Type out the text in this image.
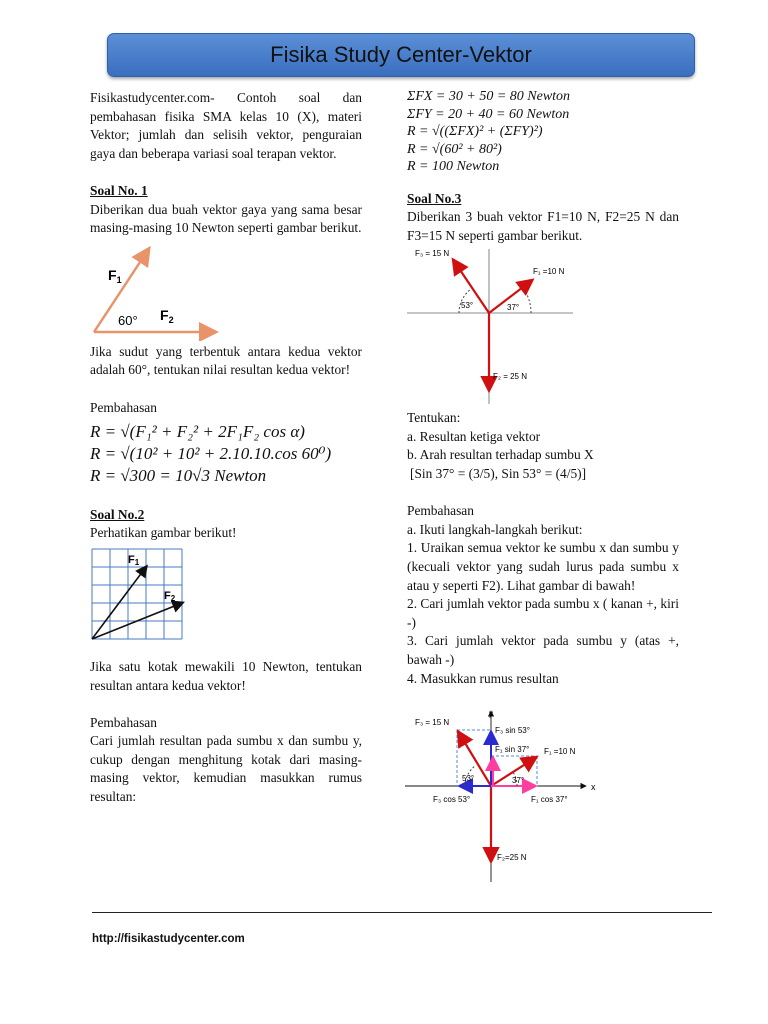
Fisika Study Center-Vektor

Fisikastudycenter.com- Contoh soal dan pembahasan fisika SMA kelas 10 (X), materi Vektor; jumlah dan selisih vektor, penguraian gaya dan beberapa variasi soal terapan vektor.

Soal No. 1

Diberikan dua buah vektor gaya yang sama besar masing-masing 10 Newton seperti gambar berikut.

$F_1$
60° $F_2$

Jika sudut yang terbentuk antara kedua vektor adalah 60°, tentukan nilai resultan kedua vektor!

Pembahasan

R = √(F₁² + F₂² + 2F₁F₂ cos α)

R = √(10² + 10² + 2.10.10.cos 60⁰)

R = √300 = 10√3 Newton

Soal No.2

Perhatikan gambar berikut!

F1
F2

Jika satu kotak mewakili 10 Newton, tentukan resultan antara kedua vektor!

Pembahasan

Cari jumlah resultan pada sumbu x dan sumbu y, cukup dengan menghitung kotak dari masing-masing vektor, kemudian masukkan rumus resultan:

ΣFX = 30 + 50 = 80 Newton

ΣFY = 20 + 40 = 60 Newton

R = √((ΣFX)² + (ΣFY)²)

R = √(60² + 80²)

R = 100 Newton

Soal No.3

Diberikan 3 buah vektor F1=10 N, F2=25 N dan F3=15 N seperti gambar berikut.

F₃ = 15 N
F₁ =10 N
F₂ = 25 N
53°	37°

Tentukan:

a. Resultan ketiga vektor

b. Arah resultan terhadap sumbu X

[Sin 37° = (3/5), Sin 53° = (4/5)]

Pembahasan

a. Ikuti langkah-langkah berikut:

1. Uraikan semua vektor ke sumbu x dan sumbu y (kecuali vektor yang sudah lurus pada sumbu x atau y seperti F2). Lihat gambar di bawah!

2. Cari jumlah vektor pada sumbu x ( kanan +, kiri -)

3. Cari jumlah vektor pada sumbu y (atas +, bawah -)

4. Masukkan rumus resultan

y
x
F₃ = 15 N
F₃ sin 53°
F₁ sin 37° F₁ =10 N
53°	37°
F₃ cos 53°	F₁ cos 37°
F₂=25 N
http://fisikastudycenter.com
